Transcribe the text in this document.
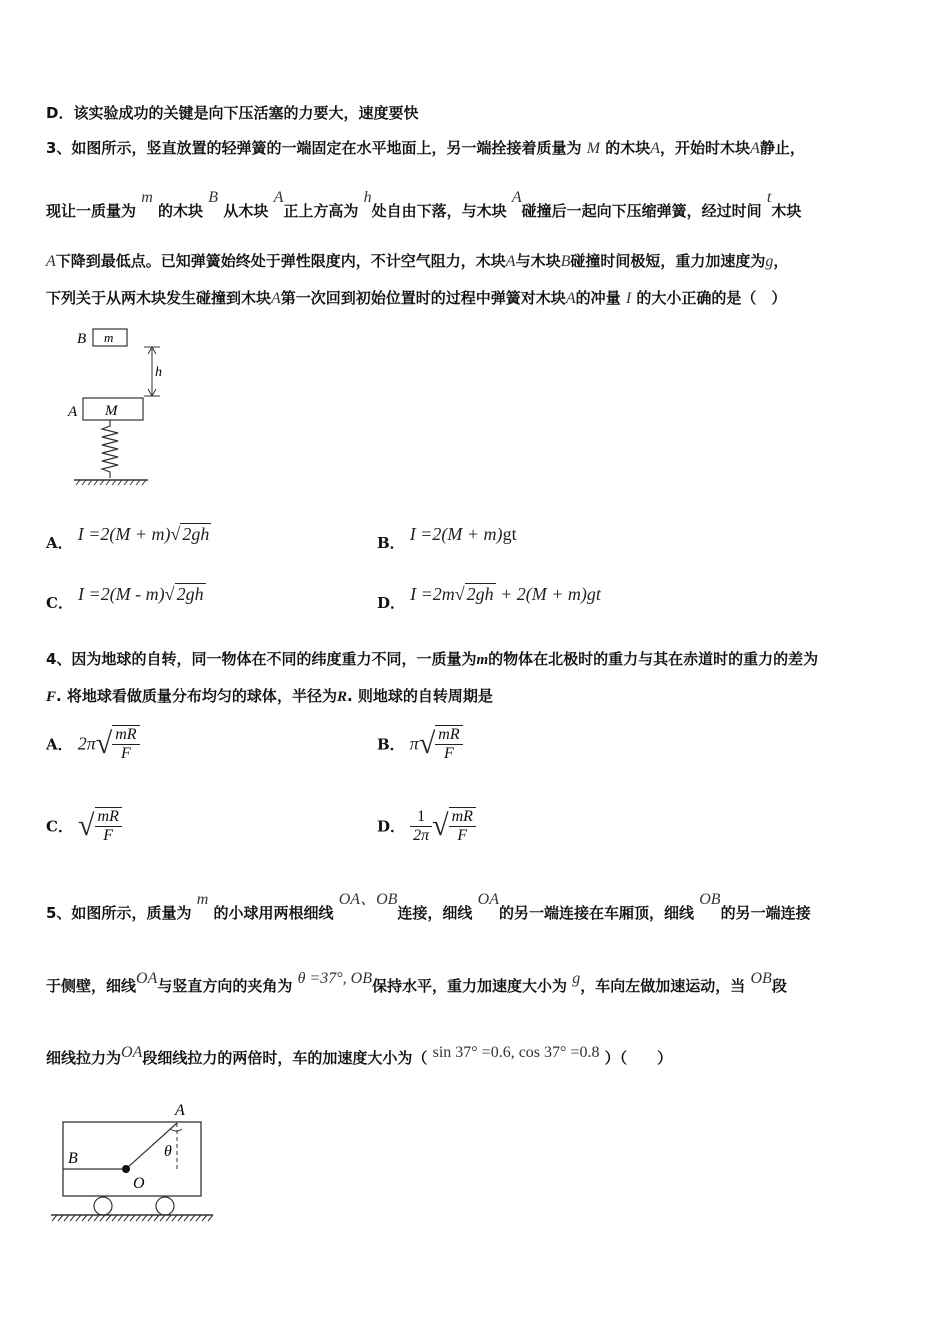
D．该实验成功的关键是向下压活塞的力要大，速度要快
3、如图所示，竖直放置的轻弹簧的一端固定在水平地面上，另一端拴接着质量为 M 的木块A，开始时木块A静止，
现让一质量为 m 的木块 B 从木块 A正上方高为 h处自由下落，与木块 A碰撞后一起向下压缩弹簧，经过时间 t木块
A下降到最低点。已知弹簧始终处于弹性限度内，不计空气阻力，木块A与木块B碰撞时间极短，重力加速度为g，
下列关于从两木块发生碰撞到木块A第一次回到初始位置时的过程中弹簧对木块A的冲量 I 的大小正确的是（　）
B m
h
A M
A． I =2(M + m)√ 2gh	B． I =2(M + m)gt
C． I =2(M - m)√ 2gh	D． I =2m√ 2gh + 2(M + m)gt
4、因为地球的自转，同一物体在不同的纬度重力不同，一质量为m的物体在北极时的重力与其在赤道时的重力的差为
F. 将地球看做质量分布均匀的球体，半径为R. 则地球的自转周期是
A． $2\pi√ \frac{mR}{F}$	B． $\pi√ \frac{mR}{F}$
C． √ $\frac{mR}{F}$	D． $\frac{1}{2\pi}$ √ $\frac{mR}{F}$
5、如图所示，质量为 m 的小球用两根细线 OA、OB连接，细线 OA的另一端连接在车厢顶，细线 OB的另一端连接
于侧壁，细线OA与竖直方向的夹角为 θ =37°, OB保持水平，重力加速度大小为 g，车向左做加速运动，当 OB段
细线拉力为OA段细线拉力的两倍时，车的加速度大小为（ sin 37° =0.6, cos 37° =0.8 ）（　　）
A
θ
B
O
